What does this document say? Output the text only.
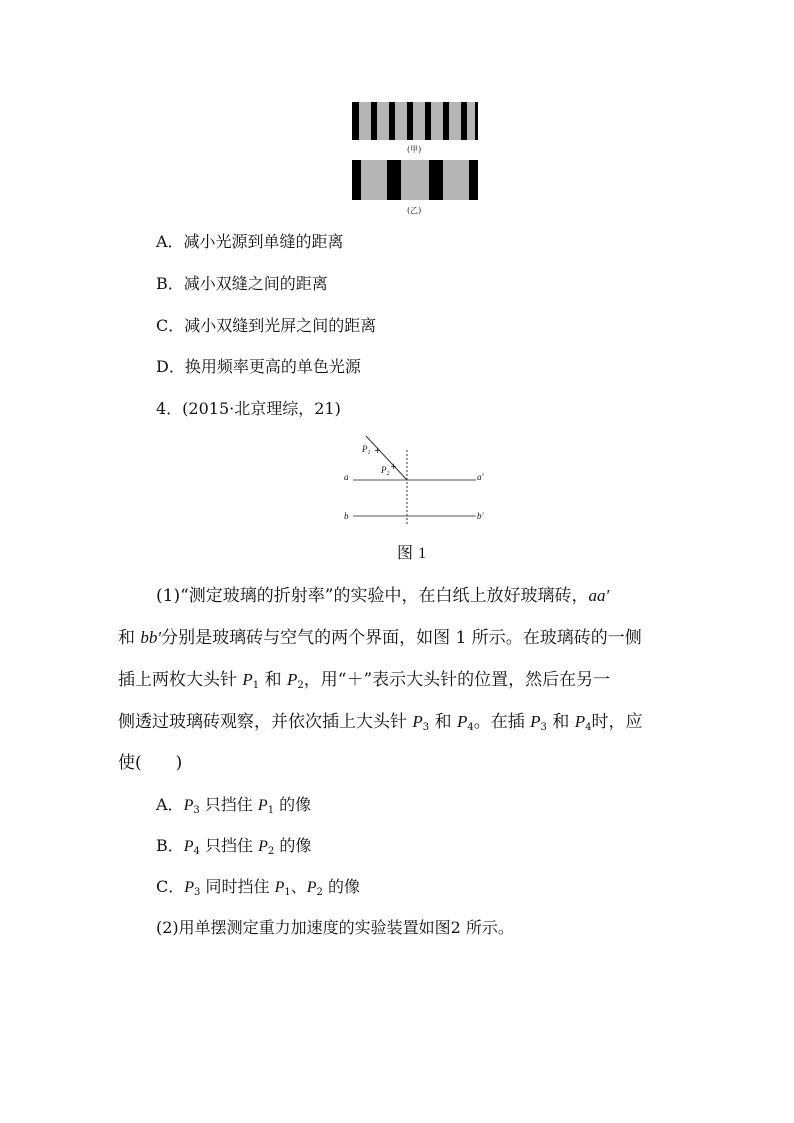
(甲)
(乙)
A．减小光源到单缝的距离
B．减小双缝之间的距离
C．减小双缝到光屏之间的距离
D．换用频率更高的单色光源
4．(2015·北京理综，21)
+
+
a	a′
b	b′
$P_1$
$P_2$
图 1
(1)“测定玻璃的折射率”的实验中，在白纸上放好玻璃砖，aa′
和 bb′分别是玻璃砖与空气的两个界面，如图 1 所示。在玻璃砖的一侧
插上两枚大头针 $P_1$ 和 $P_2$，用“＋”表示大头针的位置，然后在另一
侧透过玻璃砖观察，并依次插上大头针 $P_3$ 和 $P_4$。在插 $P_3$ 和 $P_4$时，应
使(　　)
A．$P_3$ 只挡住 $P_1$ 的像
B．$P_4$ 只挡住 $P_2$ 的像
C．$P_3$ 同时挡住 $P_1$、$P_2$ 的像
(2)用单摆测定重力加速度的实验装置如图2 所示。
